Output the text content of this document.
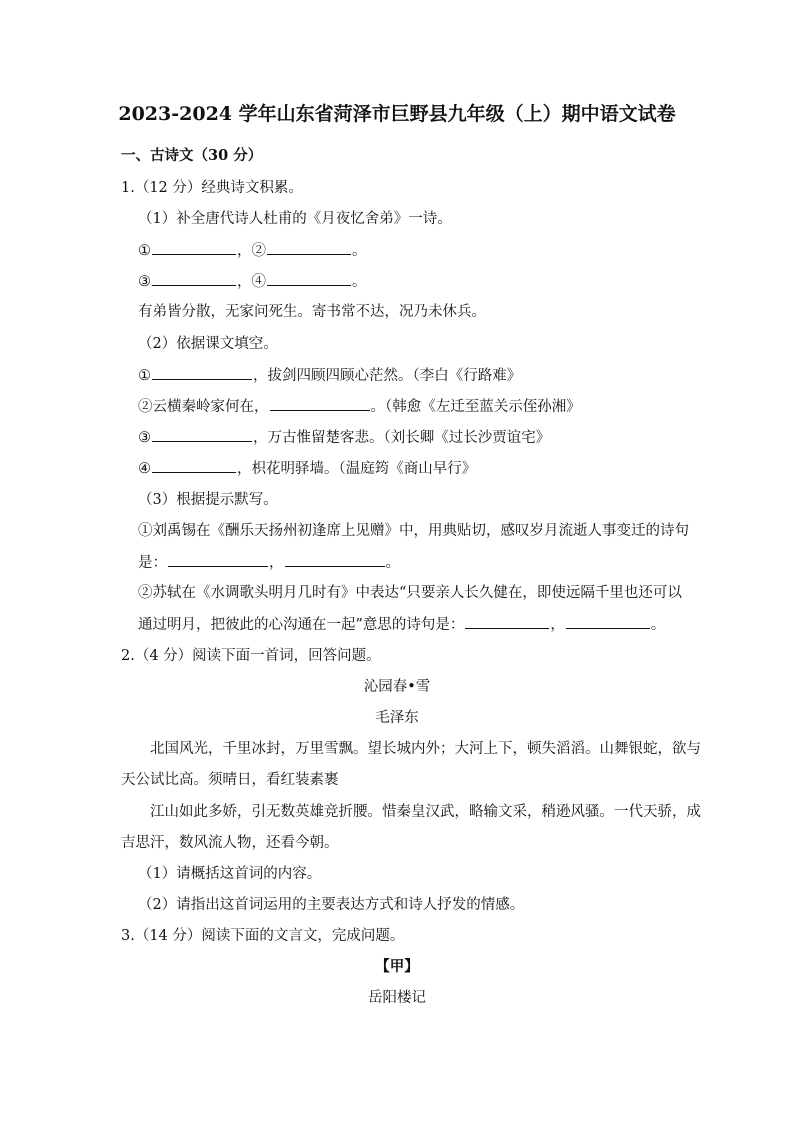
2023-2024 学年山东省菏泽市巨野县九年级（上）期中语文试卷
一、古诗文（30 分）
1.（12 分）经典诗文积累。
（1）补全唐代诗人杜甫的《月夜忆舍弟》一诗。
①	，②	。
③	，④	。
有弟皆分散，无家问死生。寄书常不达，况乃未休兵。
（2）依据课文填空。
①	，拔剑四顾四顾心茫然。（李白《行路难》
②云横秦岭家何在，	。（韩愈《左迁至蓝关示侄孙湘》
③	，万古惟留楚客悲。（刘长卿《过长沙贾谊宅》
④	，枳花明驿墙。（温庭筠《商山早行》
（3）根据提示默写。
①刘禹锡在《酬乐天扬州初逢席上见赠》中，用典贴切，感叹岁月流逝人事变迁的诗句
是：	，	。
②苏轼在《水调歌头明月几时有》中表达“只要亲人长久健在，即使远隔千里也还可以
通过明月，把彼此的心沟通在一起”意思的诗句是：	，	。
2.（4 分）阅读下面一首词，回答问题。
沁园春•雪
毛泽东
北国风光，千里冰封，万里雪飘。望长城内外；大河上下，顿失滔滔。山舞银蛇，欲与
天公试比高。须晴日，看红装素裹
江山如此多娇，引无数英雄竞折腰。惜秦皇汉武，略输文采，稍逊风骚。一代天骄，成
吉思汗，数风流人物，还看今朝。
（1）请概括这首词的内容。
（2）请指出这首词运用的主要表达方式和诗人抒发的情感。
3.（14 分）阅读下面的文言文，完成问题。
【甲】
岳阳楼记
